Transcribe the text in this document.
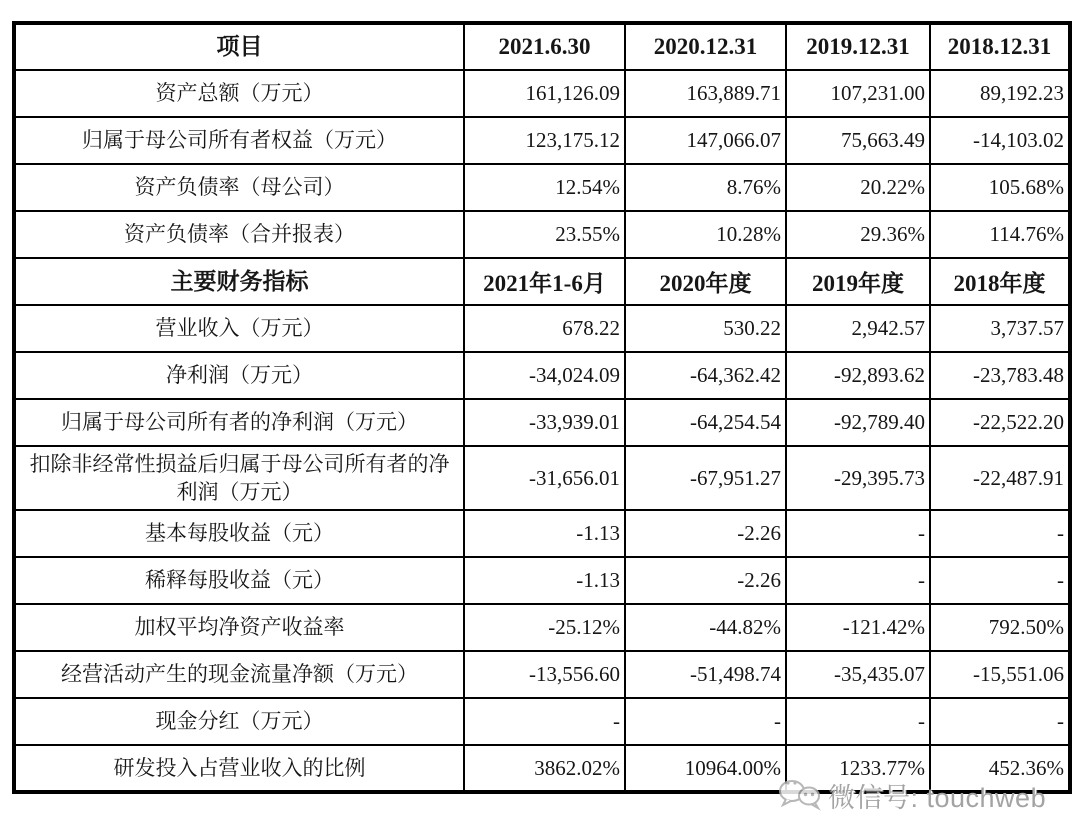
项目	2021.6.30	2020.12.31	2019.12.31	2018.12.31
资产总额（万元）	161,126.09	163,889.71	107,231.00	89,192.23
归属于母公司所有者权益（万元）	123,175.12	147,066.07	75,663.49	-14,103.02
资产负债率（母公司）	12.54%	8.76%	20.22%	105.68%
资产负债率（合并报表）	23.55%	10.28%	29.36%	114.76%
主要财务指标	2021年1-6月	2020年度	2019年度	2018年度
营业收入（万元）	678.22	530.22	2,942.57	3,737.57
净利润（万元）	-34,024.09	-64,362.42	-92,893.62	-23,783.48
归属于母公司所有者的净利润（万元）	-33,939.01	-64,254.54	-92,789.40	-22,522.20
扣除非经常性损益后归属于母公司所有者的净利润（万元）	-31,656.01	-67,951.27	-29,395.73	-22,487.91
基本每股收益（元）	-1.13	-2.26	-	-
稀释每股收益（元）	-1.13	-2.26	-	-
加权平均净资产收益率	-25.12%	-44.82%	-121.42%	792.50%
经营活动产生的现金流量净额（万元）	-13,556.60	-51,498.74	-35,435.07	-15,551.06
现金分红（万元）	-	-	-	-
研发投入占营业收入的比例	3862.02%	10964.00%	1233.77%	452.36%
微信号: touchweb
